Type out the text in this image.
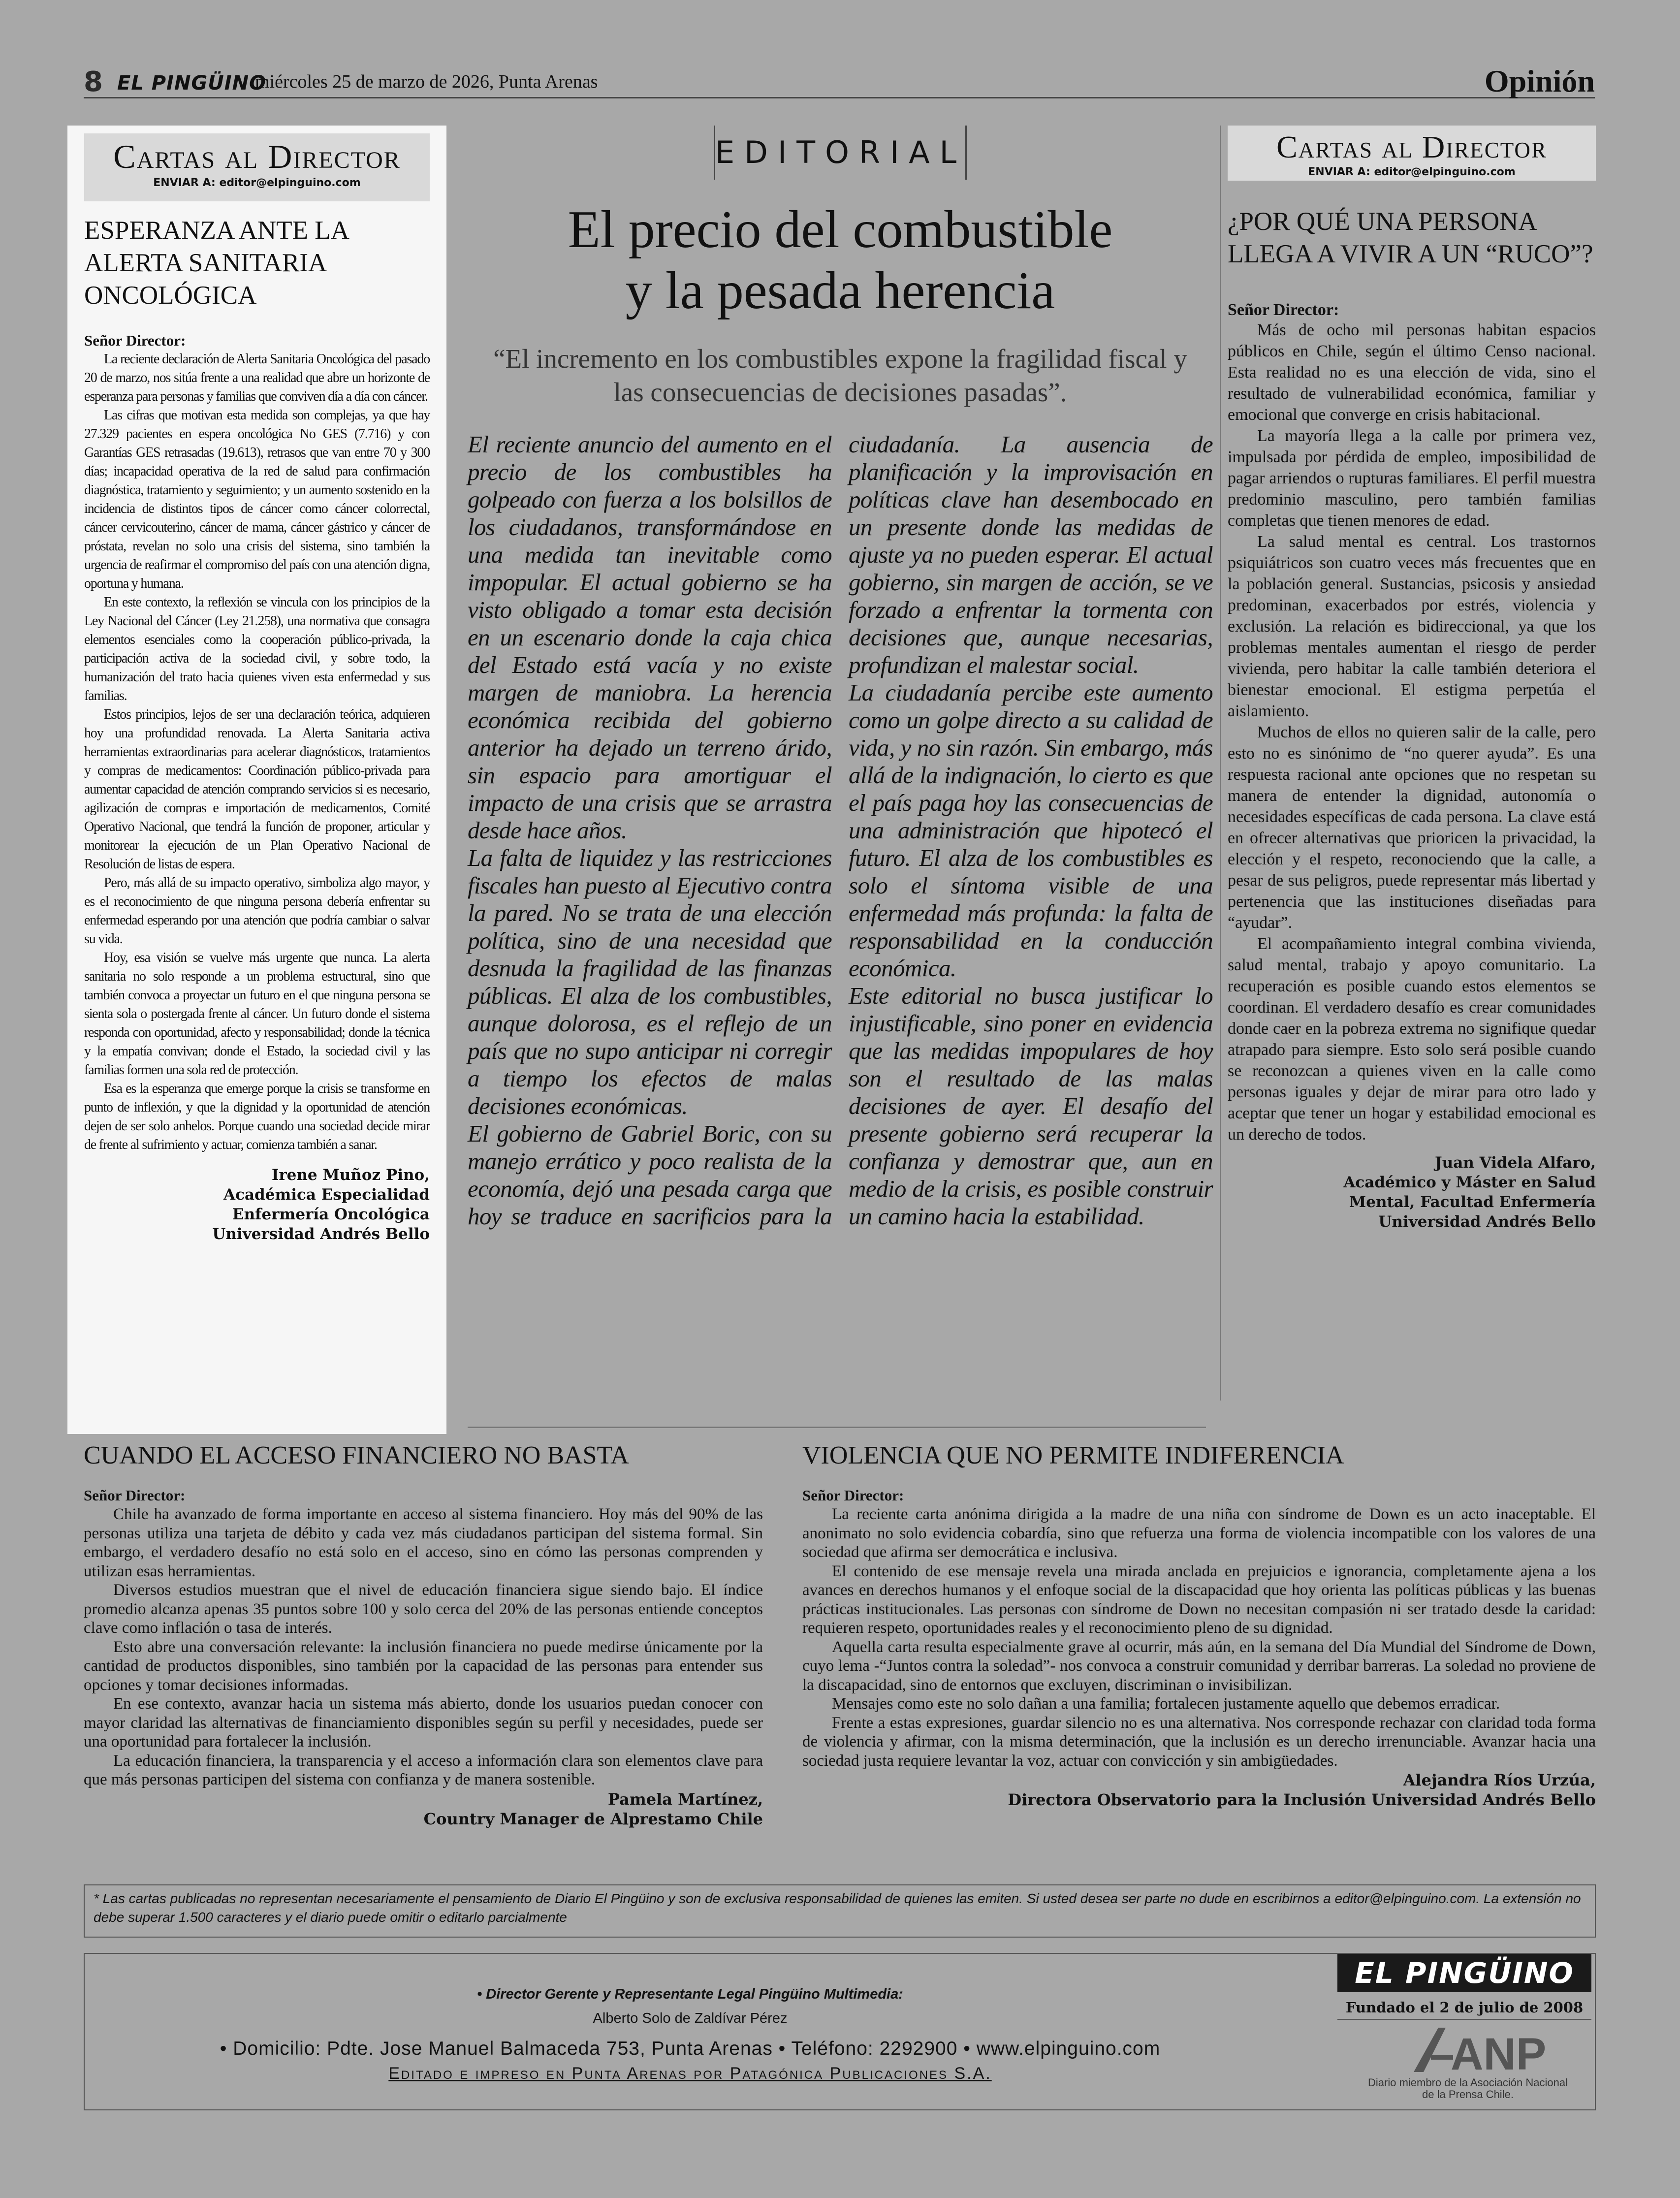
8 EL PINGÜINO
miércoles 25 de marzo de 2026, Punta Arenas	Opinión
Cartas al Director
ENVIAR A: editor@elpinguino.com
ESPERANZA ANTE LA ALERTA SANITARIA ONCOLÓGICA
Señor Director:

La reciente declaración de Alerta Sanitaria Oncológica del pasado 20 de marzo, nos sitúa frente a una realidad que abre un horizonte de esperanza para personas y familias que conviven día a día con cáncer.

Las cifras que motivan esta medida son complejas, ya que hay 27.329 pacientes en espera oncológica No GES (7.716) y con Garantías GES retrasadas (19.613), retrasos que van entre 70 y 300 días; incapacidad operativa de la red de salud para confirmación diagnóstica, tratamiento y seguimiento; y un aumento sostenido en la incidencia de distintos tipos de cáncer como cáncer colorrectal, cáncer cervicouterino, cáncer de mama, cáncer gástrico y cáncer de próstata, revelan no solo una crisis del sistema, sino también la urgencia de reafirmar el compromiso del país con una atención digna, oportuna y humana.

En este contexto, la reflexión se vincula con los principios de la Ley Nacional del Cáncer (Ley 21.258), una normativa que consagra elementos esenciales como la cooperación público-privada, la participación activa de la sociedad civil, y sobre todo, la humanización del trato hacia quienes viven esta enfermedad y sus familias.

Estos principios, lejos de ser una declaración teórica, adquieren hoy una profundidad renovada. La Alerta Sanitaria activa herramientas extraordinarias para acelerar diagnósticos, tratamientos y compras de medicamentos: Coordinación público-privada para aumentar capacidad de atención comprando servicios si es necesario, agilización de compras e importación de medicamentos, Comité Operativo Nacional, que tendrá la función de proponer, articular y monitorear la ejecución de un Plan Operativo Nacional de Resolución de listas de espera.

Pero, más allá de su impacto operativo, simboliza algo mayor, y es el reconocimiento de que ninguna persona debería enfrentar su enfermedad esperando por una atención que podría cambiar o salvar su vida.

Hoy, esa visión se vuelve más urgente que nunca. La alerta sanitaria no solo responde a un problema estructural, sino que también convoca a proyectar un futuro en el que ninguna persona se sienta sola o postergada frente al cáncer. Un futuro donde el sistema responda con oportunidad, afecto y responsabilidad; donde la técnica y la empatía convivan; donde el Estado, la sociedad civil y las familias formen una sola red de protección.

Esa es la esperanza que emerge porque la crisis se transforme en punto de inflexión, y que la dignidad y la oportunidad de atención dejen de ser solo anhelos. Porque cuando una sociedad decide mirar de frente al sufrimiento y actuar, comienza también a sanar.

Irene Muñoz Pino,
Académica Especialidad
Enfermería Oncológica
Universidad Andrés Bello
EDITORIAL
El precio del combustible
y la pesada herencia
“El incremento en los combustibles expone la fragilidad fiscal y las consecuencias de decisiones pasadas”.

El reciente anuncio del aumento en el precio de los combustibles ha golpeado con fuerza a los bolsillos de los ciudadanos, transformándose en una medida tan inevitable como impopular. El actual gobierno se ha visto obligado a tomar esta decisión en un escenario donde la caja chica del Estado está vacía y no existe margen de maniobra. La herencia económica recibida del gobierno anterior ha dejado un terreno árido, sin espacio para amortiguar el impacto de una crisis que se arrastra desde hace años.

La falta de liquidez y las restricciones fiscales han puesto al Ejecutivo contra la pared. No se trata de una elección política, sino de una necesidad que desnuda la fragilidad de las finanzas públicas. El alza de los combustibles, aunque dolorosa, es el reflejo de un país que no supo anticipar ni corregir a tiempo los efectos de malas decisiones económicas.

El gobierno de Gabriel Boric, con su manejo errático y poco realista de la economía, dejó una pesada carga que hoy se traduce en sacrificios para la ciudadanía. La ausencia de planificación y la improvisación en políticas clave han desembocado en un presente donde las medidas de ajuste ya no pueden esperar. El actual gobierno, sin margen de acción, se ve forzado a enfrentar la tormenta con decisiones que, aunque necesarias, profundizan el malestar social.

La ciudadanía percibe este aumento como un golpe directo a su calidad de vida, y no sin razón. Sin embargo, más allá de la indignación, lo cierto es que el país paga hoy las consecuencias de una administración que hipotecó el futuro. El alza de los combustibles es solo el síntoma visible de una enfermedad más profunda: la falta de responsabilidad en la conducción económica.

Este editorial no busca justificar lo injustificable, sino poner en evidencia que las medidas impopulares de hoy son el resultado de las malas decisiones de ayer. El desafío del presente gobierno será recuperar la confianza y demostrar que, aun en medio de la crisis, es posible construir un camino hacia la estabilidad.

Cartas al Director
ENVIAR A: editor@elpinguino.com
¿POR QUÉ UNA PERSONA LLEGA A VIVIR A UN “RUCO”?
Señor Director:

Más de ocho mil personas habitan espacios públicos en Chile, según el último Censo nacional. Esta realidad no es una elección de vida, sino el resultado de vulnerabilidad económica, familiar y emocional que converge en crisis habitacional.

La mayoría llega a la calle por primera vez, impulsada por pérdida de empleo, imposibilidad de pagar arriendos o rupturas familiares. El perfil muestra predominio masculino, pero también familias completas que tienen menores de edad.

La salud mental es central. Los trastornos psiquiátricos son cuatro veces más frecuentes que en la población general. Sustancias, psicosis y ansiedad predominan, exacerbados por estrés, violencia y exclusión. La relación es bidireccional, ya que los problemas mentales aumentan el riesgo de perder vivienda, pero habitar la calle también deteriora el bienestar emocional. El estigma perpetúa el aislamiento.

Muchos de ellos no quieren salir de la calle, pero esto no es sinónimo de “no querer ayuda”. Es una respuesta racional ante opciones que no respetan su manera de entender la dignidad, autonomía o necesidades específicas de cada persona. La clave está en ofrecer alternativas que prioricen la privacidad, la elección y el respeto, reconociendo que la calle, a pesar de sus peligros, puede representar más libertad y pertenencia que las instituciones diseñadas para “ayudar”.

El acompañamiento integral combina vivienda, salud mental, trabajo y apoyo comunitario. La recuperación es posible cuando estos elementos se coordinan. El verdadero desafío es crear comunidades donde caer en la pobreza extrema no signifique quedar atrapado para siempre. Esto solo será posible cuando se reconozcan a quienes viven en la calle como personas iguales y dejar de mirar para otro lado y aceptar que tener un hogar y estabilidad emocional es un derecho de todos.

Juan Videla Alfaro,
Académico y Máster en Salud
Mental, Facultad Enfermería
Universidad Andrés Bello
CUANDO EL ACCESO FINANCIERO NO BASTA
Señor Director:

Chile ha avanzado de forma importante en acceso al sistema financiero. Hoy más del 90% de las personas utiliza una tarjeta de débito y cada vez más ciudadanos participan del sistema formal. Sin embargo, el verdadero desafío no está solo en el acceso, sino en cómo las personas comprenden y utilizan esas herramientas.

Diversos estudios muestran que el nivel de educación financiera sigue siendo bajo. El índice promedio alcanza apenas 35 puntos sobre 100 y solo cerca del 20% de las personas entiende conceptos clave como inflación o tasa de interés.

Esto abre una conversación relevante: la inclusión financiera no puede medirse únicamente por la cantidad de productos disponibles, sino también por la capacidad de las personas para entender sus opciones y tomar decisiones informadas.

En ese contexto, avanzar hacia un sistema más abierto, donde los usuarios puedan conocer con mayor claridad las alternativas de financiamiento disponibles según su perfil y necesidades, puede ser una oportunidad para fortalecer la inclusión.

La educación financiera, la transparencia y el acceso a información clara son elementos clave para que más personas participen del sistema con confianza y de manera sostenible.

Pamela Martínez,
Country Manager de Alprestamo Chile
VIOLENCIA QUE NO PERMITE INDIFERENCIA
Señor Director:

La reciente carta anónima dirigida a la madre de una niña con síndrome de Down es un acto inaceptable. El anonimato no solo evidencia cobardía, sino que refuerza una forma de violencia incompatible con los valores de una sociedad que afirma ser democrática e inclusiva.

El contenido de ese mensaje revela una mirada anclada en prejuicios e ignorancia, completamente ajena a los avances en derechos humanos y el enfoque social de la discapacidad que hoy orienta las políticas públicas y las buenas prácticas institucionales. Las personas con síndrome de Down no necesitan compasión ni ser tratado desde la caridad: requieren respeto, oportunidades reales y el reconocimiento pleno de su dignidad.

Aquella carta resulta especialmente grave al ocurrir, más aún, en la semana del Día Mundial del Síndrome de Down, cuyo lema -“Juntos contra la soledad”- nos convoca a construir comunidad y derribar barreras. La soledad no proviene de la discapacidad, sino de entornos que excluyen, discriminan o invisibilizan.

Mensajes como este no solo dañan a una familia; fortalecen justamente aquello que debemos erradicar.

Frente a estas expresiones, guardar silencio no es una alternativa. Nos corresponde rechazar con claridad toda forma de violencia y afirmar, con la misma determinación, que la inclusión es un derecho irrenunciable. Avanzar hacia una sociedad justa requiere levantar la voz, actuar con convicción y sin ambigüedades.

Alejandra Ríos Urzúa,
Directora Observatorio para la Inclusión Universidad Andrés Bello
* Las cartas publicadas no representan necesariamente el pensamiento de Diario El Pingüino y son de exclusiva responsabilidad de quienes las emiten. Si usted desea ser parte no dude en escribirnos a editor@elpinguino.com. La extensión no debe superar 1.500 caracteres y el diario puede omitir o editarlo parcialmente
• Director Gerente y Representante Legal Pingüino Multimedia:
Alberto Solo de Zaldívar Pérez
• Domicilio: Pdte. Jose Manuel Balmaceda 753, Punta Arenas • Teléfono: 2292900 • www.elpinguino.com
Editado e impreso en Punta Arenas por Patagónica Publicaciones S.A.
EL PINGÜINO
Fundado el 2 de julio de 2008
ANP
Diario miembro de la Asociación Nacional de la Prensa Chile.
